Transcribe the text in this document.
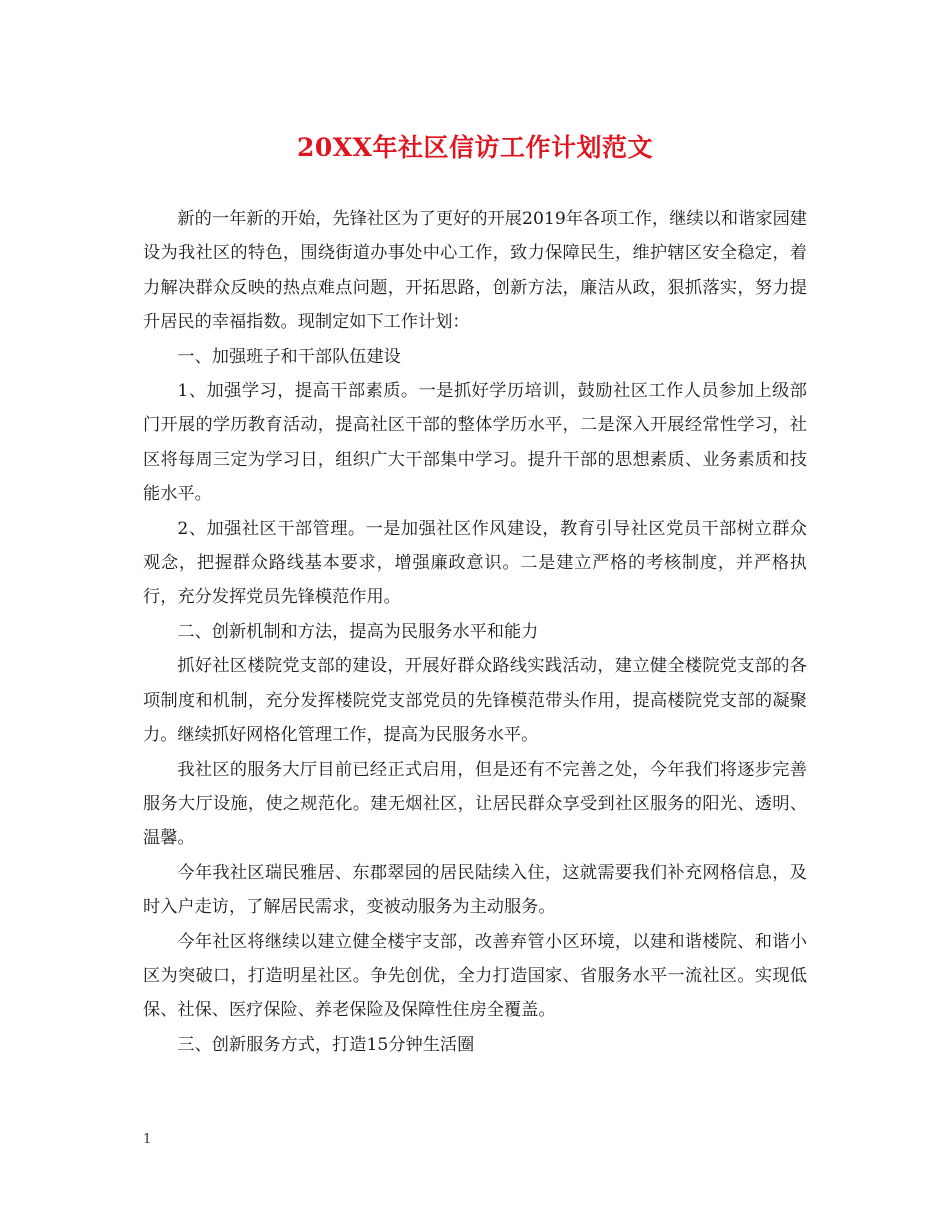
20XX年社区信访工作计划范文

新的一年新的开始，先锋社区为了更好的开展2019年各项工作，继续以和谐家园建设为我社区的特色，围绕街道办事处中心工作，致力保障民生，维护辖区安全稳定，着力解决群众反映的热点难点问题，开拓思路，创新方法，廉洁从政，狠抓落实，努力提升居民的幸福指数。现制定如下工作计划：

一、加强班子和干部队伍建设

1、加强学习，提高干部素质。一是抓好学历培训，鼓励社区工作人员参加上级部门开展的学历教育活动，提高社区干部的整体学历水平，二是深入开展经常性学习，社区将每周三定为学习日，组织广大干部集中学习。提升干部的思想素质、业务素质和技能水平。

2、加强社区干部管理。一是加强社区作风建设，教育引导社区党员干部树立群众观念，把握群众路线基本要求，增强廉政意识。二是建立严格的考核制度，并严格执行，充分发挥党员先锋模范作用。

二、创新机制和方法，提高为民服务水平和能力

抓好社区楼院党支部的建设，开展好群众路线实践活动，建立健全楼院党支部的各项制度和机制，充分发挥楼院党支部党员的先锋模范带头作用，提高楼院党支部的凝聚力。继续抓好网格化管理工作，提高为民服务水平。

我社区的服务大厅目前已经正式启用，但是还有不完善之处，今年我们将逐步完善服务大厅设施，使之规范化。建无烟社区，让居民群众享受到社区服务的阳光、透明、温馨。

今年我社区瑞民雅居、东郡翠园的居民陆续入住，这就需要我们补充网格信息，及时入户走访，了解居民需求，变被动服务为主动服务。

今年社区将继续以建立健全楼宇支部，改善弃管小区环境，以建和谐楼院、和谐小区为突破口，打造明星社区。争先创优，全力打造国家、省服务水平一流社区。实现低保、社保、医疗保险、养老保险及保障性住房全覆盖。

三、创新服务方式，打造15分钟生活圈

1
